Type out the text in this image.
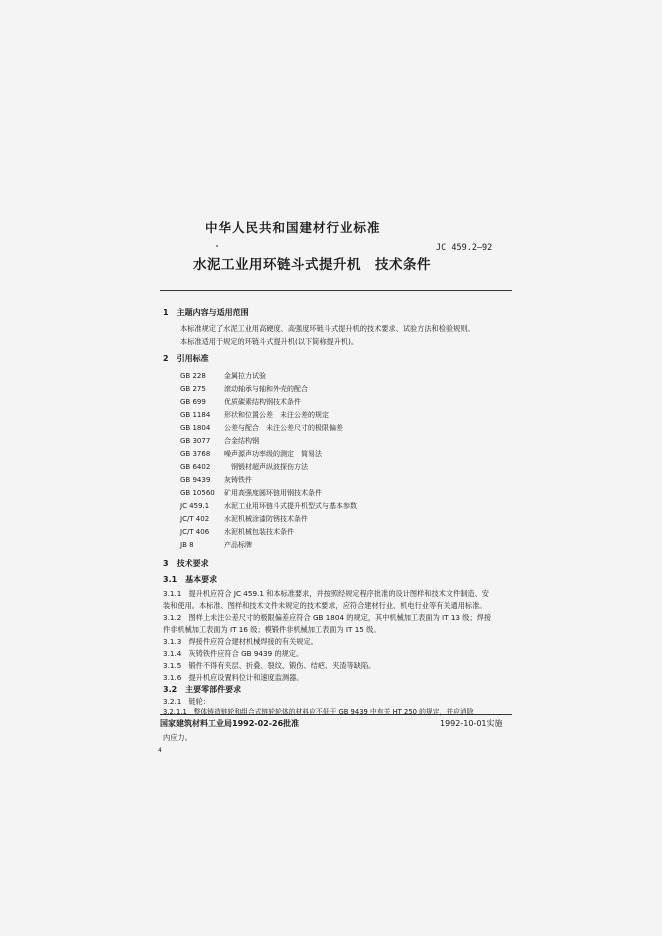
中华人民共和国建材行业标准
JC 459.2—92
水泥工业用环链斗式提升机　技术条件
1　主题内容与适用范围
本标准规定了水泥工业用高硬度、高强度环链斗式提升机的技术要求、试验方法和检验规则。
本标准适用于规定的环链斗式提升机(以下简称提升机)。
2　引用标准
GB 228	金属拉力试验
GB 275	滚动轴承与轴和外壳的配合
GB 699	优质碳素结构钢技术条件
GB 1184 形状和位置公差　未注公差的规定
GB 1804 公差与配合　未注公差尺寸的极限偏差
GB 3077 合金结构钢
GB 3768 噪声源声功率级的测定　简易法
GB 6402　钢锻材超声纵波探伤方法
GB 9439 灰铸铁件
GB 10560 矿用高强度圆环链用钢技术条件
JC 459.1 水泥工业用环链斗式提升机型式与基本参数
JC/T 402 水泥机械涂漆防锈技术条件
JC/T 406 水泥机械包装技术条件
JB 8	产品标牌
3　技术要求
3.1　基本要求
3.1.1　提升机应符合 JC 459.1 和本标准要求，并按照经规定程序批准的设计图样和技术文件制造、安
装和使用。本标准、图样和技术文件未规定的技术要求，应符合建材行业、机电行业等有关通用标准。
3.1.2　图样上未注公差尺寸的极限偏差应符合 GB 1804 的规定，其中机械加工表面为 IT 13 级；焊接
件非机械加工表面为 IT 16 级；模锻件非机械加工表面为 IT 15 级。
3.1.3　焊接件应符合建材机械焊接的有关规定。
3.1.4　灰铸铁件应符合 GB 9439 的规定。
3.1.5　锻件不得有夹层、折叠、裂纹、锻伤、结疤、夹渣等缺陷。
3.1.6　提升机应设置料位计和速度监测器。
3.2　主要零部件要求
3.2.1　链轮：
3.2.1.1　整体铸造链轮和组合式链轮轮体的材料应不低于 GB 9439 中有关 HT 250 的规定，并应消除
国家建筑材料工业局1992-02-26批准	1992-10-01实施
内应力。
4
